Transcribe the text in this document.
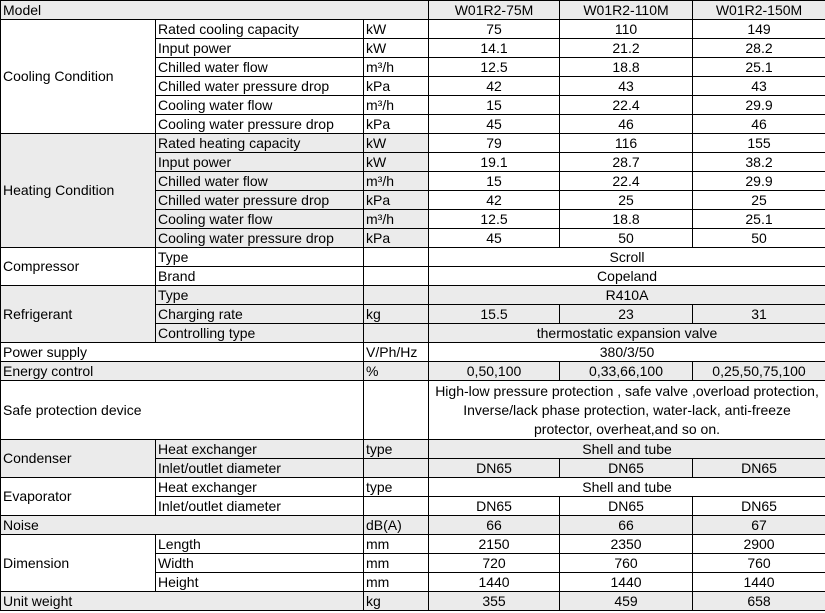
Model			W01R2-75M	W01R2-110M	W01R2-150M
Cooling Condition	Rated cooling capacity	kW	75	110	149
	Input power	kW	14.1	21.2	28.2
	Chilled water flow	m³/h	12.5	18.8	25.1
	Chilled water pressure drop	kPa	42	43	43
	Cooling water flow	m³/h	15	22.4	29.9
	Cooling water pressure drop	kPa	45	46	46
Heating Condition	Rated heating capacity	kW	79	116	155
	Input power	kW	19.1	28.7	38.2
	Chilled water flow	m³/h	15	22.4	29.9
	Chilled water pressure drop	kPa	42	25	25
	Cooling water flow	m³/h	12.5	18.8	25.1
	Cooling water pressure drop	kPa	45	50	50
Compressor	Type		Scroll		
	Brand		Copeland		
Refrigerant	Type		R410A		
	Charging rate	kg	15.5	23	31
	Controlling type		thermostatic expansion valve		
Power supply		V/Ph/Hz	380/3/50		
Energy control		%	0,50,100	0,33,66,100	0,25,50,75,100
Safe protection device			High-low pressure protection , safe valve ,overload protection, Inverse/lack phase protection, water-lack, anti-freeze protector, overheat,and so on.		
Condenser	Heat exchanger	type	Shell and tube		
	Inlet/outlet diameter		DN65	DN65	DN65
Evaporator	Heat exchanger	type	Shell and tube		
	Inlet/outlet diameter		DN65	DN65	DN65
Noise		dB(A)	66	66	67
Dimension	Length	mm	2150	2350	2900
	Width	mm	720	760	760
	Height	mm	1440	1440	1440
Unit weight		kg	355	459	658
